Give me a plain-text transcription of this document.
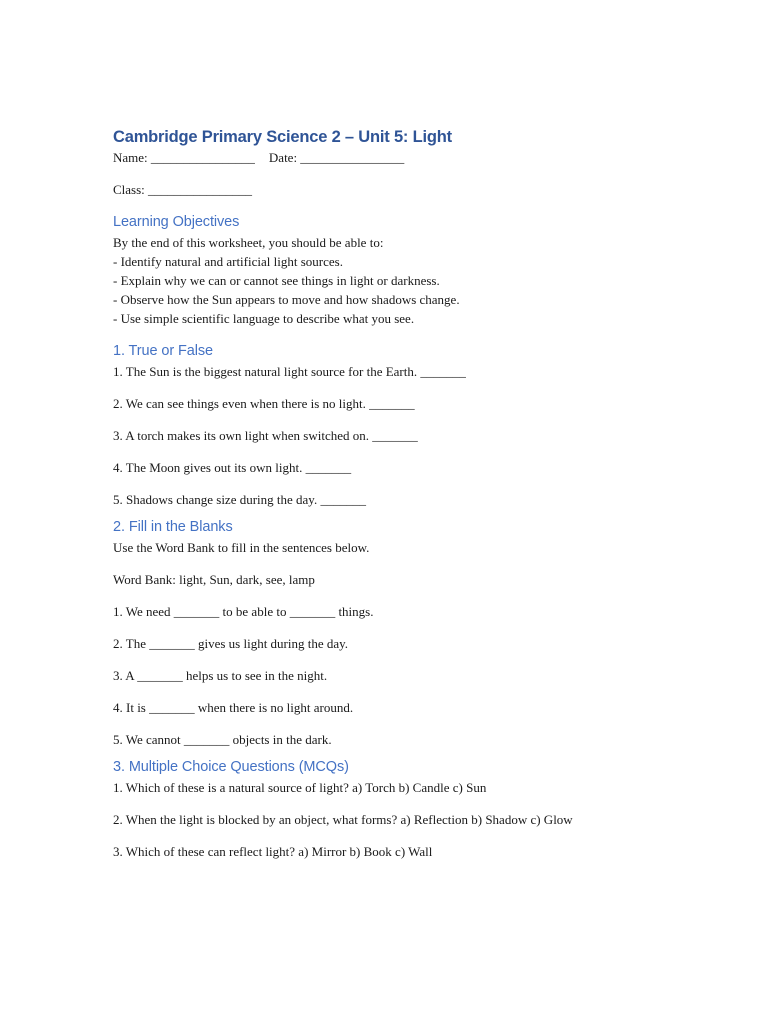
Cambridge Primary Science 2 – Unit 5: Light
Name: ________________ Date: ________________
Class: ________________
Learning Objectives
By the end of this worksheet, you should be able to:
- Identify natural and artificial light sources.
- Explain why we can or cannot see things in light or darkness.
- Observe how the Sun appears to move and how shadows change.
- Use simple scientific language to describe what you see.
1. True or False
1. The Sun is the biggest natural light source for the Earth. _______
2. We can see things even when there is no light. _______
3. A torch makes its own light when switched on. _______
4. The Moon gives out its own light. _______
5. Shadows change size during the day. _______
2. Fill in the Blanks
Use the Word Bank to fill in the sentences below.
Word Bank: light, Sun, dark, see, lamp
1. We need _______ to be able to _______ things.
2. The _______ gives us light during the day.
3. A _______ helps us to see in the night.
4. It is _______ when there is no light around.
5. We cannot _______ objects in the dark.
3. Multiple Choice Questions (MCQs)
1. Which of these is a natural source of light? a) Torch b) Candle c) Sun
2. When the light is blocked by an object, what forms? a) Reflection b) Shadow c) Glow
3. Which of these can reflect light? a) Mirror b) Book c) Wall
